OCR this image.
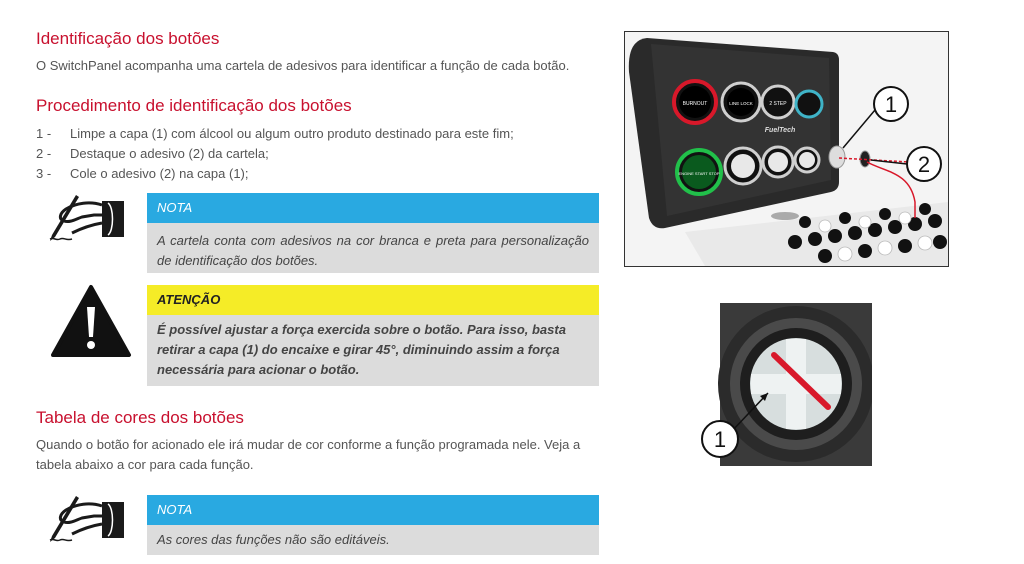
Identificação dos botões

O SwitchPanel acompanha uma cartela de adesivos para identificar a função de cada botão.

Procedimento de identificação dos botões
1 -	Limpe a capa (1) com álcool ou algum outro produto destinado para este fim;
2 -	Destaque o adesivo (2) da cartela;
3 -	Cole o adesivo (2) na capa (1);
NOTA
A cartela conta com adesivos na cor branca e preta para personalização de identificação dos botões.
ATENÇÃO
É possível ajustar a força exercida sobre o botão. Para isso, basta retirar a capa (1) do encaixe e girar 45°, diminuindo assim a força necessária para acionar o botão.
Tabela de cores dos botões

Quando o botão for acionado ele irá mudar de cor conforme a função programada nele. Veja a tabela abaixo a cor para cada função.

NOTA
As cores das funções não são editáveis.
BURNOUT	LINE LOCK	2 STEP
FuelTech
ENGINE START STOP
1
2
1
